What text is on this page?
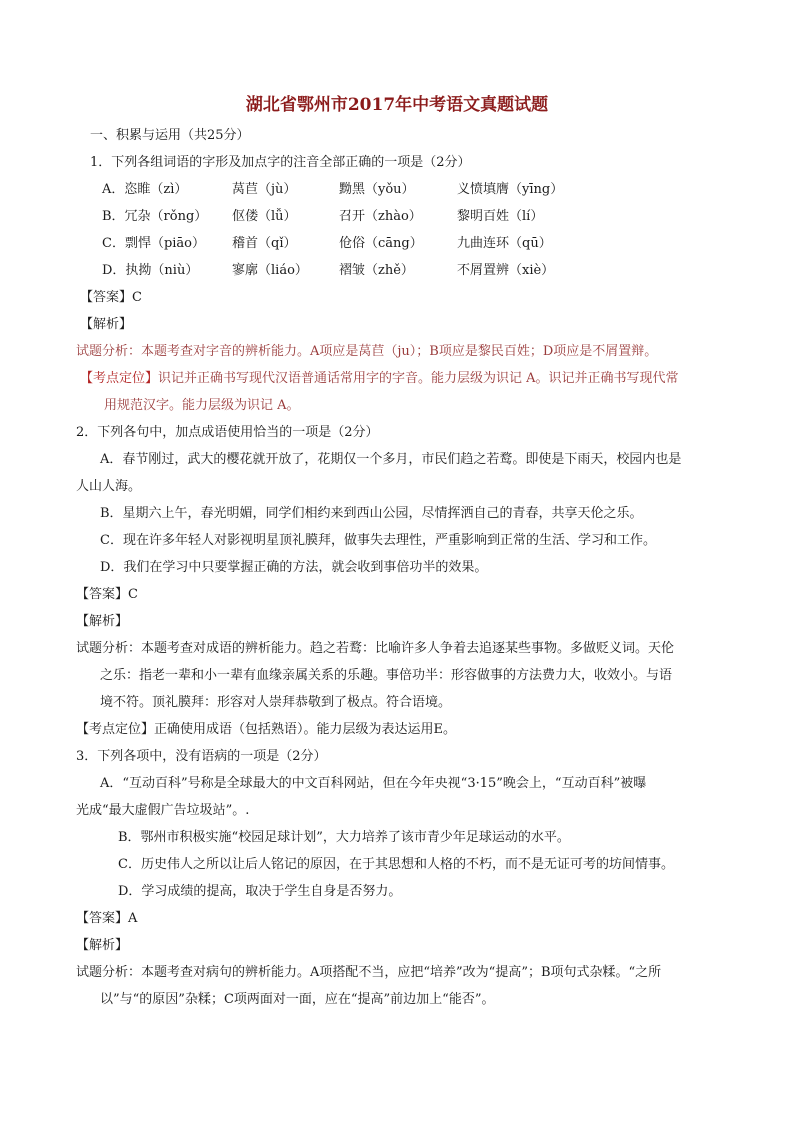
湖北省鄂州市2017年中考语文真题试题
一、积累与运用（共25分）
1．下列各组词语的字形及加点字的注音全部正确的一项是（2分）
A．恣睢（zì）	莴苣（jù）	黝黑（yǒu）	义愤填膺（yīng）
B．冗杂（rǒng）	伛偻（lǚ）	召开（zhào）	黎明百姓（lí）
C．剽悍（piāo）	稽首（qǐ）	伧俗（cāng）	九曲连环（qū）
D．执拗（niù）	寥廓（liáo）	褶皱（zhě）	不屑置辨（xiè）
【答案】C
【解析】
试题分析：本题考查对字音的辨析能力。A项应是莴苣（ju）；B项应是黎民百姓；D项应是不屑置辩。
【考点定位】识记并正确书写现代汉语普通话常用字的字音。能力层级为识记 A。识记并正确书写现代常
用规范汉字。能力层级为识记 A。
2．下列各句中，加点成语使用恰当的一项是（2分）
A．春节刚过，武大的樱花就开放了，花期仅一个多月，市民们趋之若鹜。即使是下雨天，校园内也是
人山人海。
B．星期六上午，春光明媚，同学们相约来到西山公园，尽情挥洒自己的青春，共享天伦之乐。
C．现在许多年轻人对影视明星顶礼膜拜，做事失去理性，严重影响到正常的生活、学习和工作。
D．我们在学习中只要掌握正确的方法，就会收到事倍功半的效果。
【答案】C
【解析】
试题分析：本题考查对成语的辨析能力。趋之若鹜：比喻许多人争着去追逐某些事物。多做贬义词。天伦
之乐：指老一辈和小一辈有血缘亲属关系的乐趣。事倍功半：形容做事的方法费力大，收效小。与语
境不符。顶礼膜拜：形容对人崇拜恭敬到了极点。符合语境。
【考点定位】正确使用成语（包括熟语）。能力层级为表达运用E。
3．下列各项中，没有语病的一项是（2分）
A．“互动百科”号称是全球最大的中文百科网站，但在今年央视“3·15”晚会上，“互动百科”被曝
光成“最大虚假广告垃圾站”。.
B．鄂州市积极实施“校园足球计划”，大力培养了该市青少年足球运动的水平。
C．历史伟人之所以让后人铭记的原因，在于其思想和人格的不朽，而不是无证可考的坊间情事。
D．学习成绩的提高，取决于学生自身是否努力。
【答案】A
【解析】
试题分析：本题考查对病句的辨析能力。A项搭配不当，应把“培养”改为“提高”；B项句式杂糅。“之所
以”与“的原因”杂糅；C项两面对一面，应在“提高”前边加上“能否”。
